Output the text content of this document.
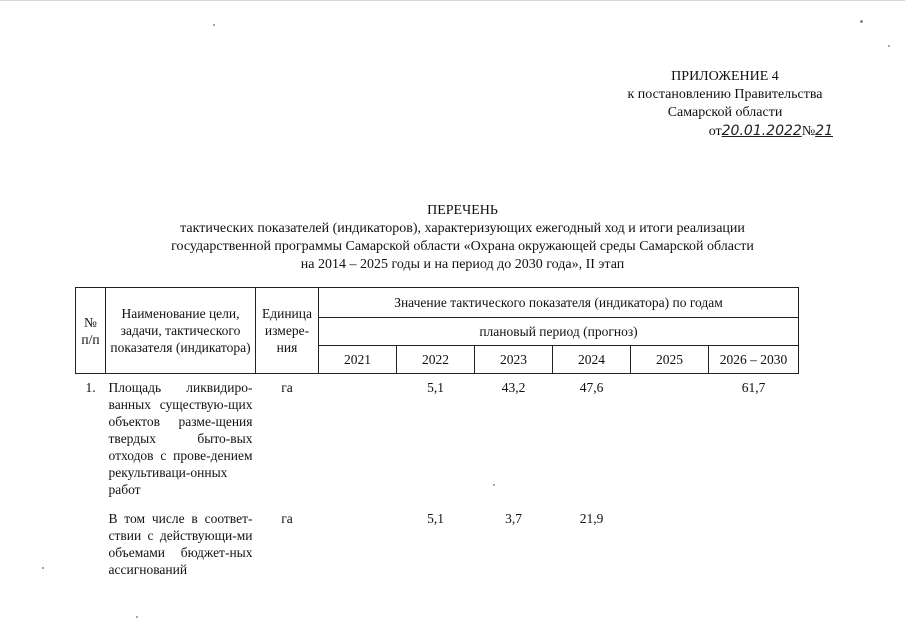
ПРИЛОЖЕНИЕ 4
к постановлению Правительства
Самарской области
от20.01.2022№21
ПЕРЕЧЕНЬ
тактических показателей (индикаторов), характеризующих ежегодный ход и итоги реализации
государственной программы Самарской области «Охрана окружающей среды Самарской области
на 2014 – 2025 годы и на период до 2030 года», II этап
№ п/п	Наименование цели, задачи, тактического показателя (индикатора)	Единица измере-ния	Значение тактического показателя (индикатора) по годам					
			плановый период (прогноз)					
			2021	2022	2023	2024	2025	2026 – 2030
1.	Площадь ликвидиро-ванных существую-щих объектов разме-щения твердых быто-вых отходов с прове-дением рекультиваци-онных работ	га		5,1	43,2	47,6		61,7
	В том числе в соответ-ствии с действующи-ми объемами бюджет-ных ассигнований	га		5,1	3,7	21,9		
